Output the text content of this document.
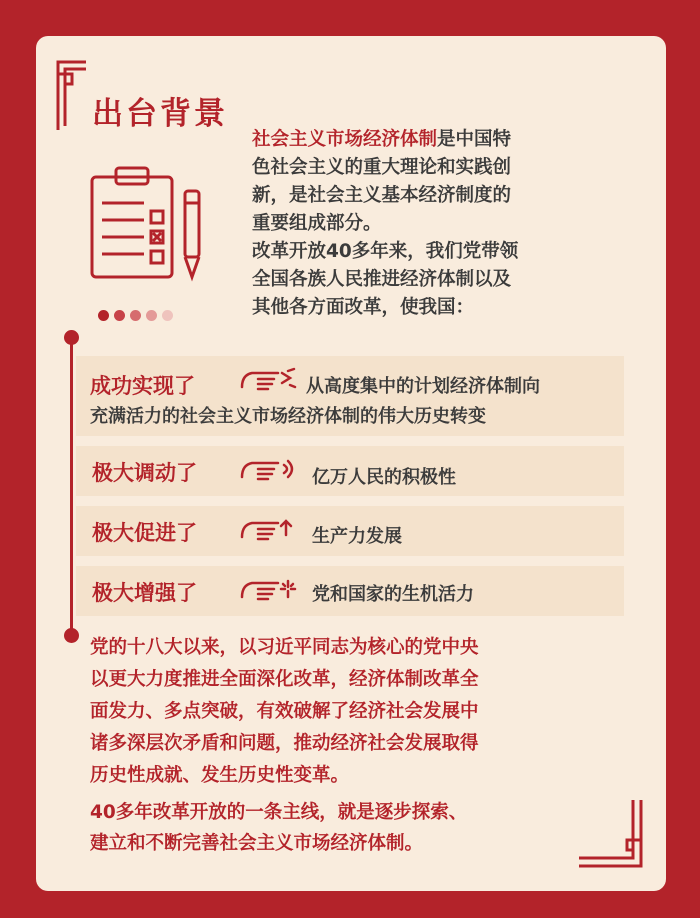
出台背景
社会主义市场经济体制是中国特
色社会主义的重大理论和实践创
新，是社会主义基本经济制度的
重要组成部分。
改革开放40多年来，我们党带领
全国各族人民推进经济体制以及
其他各方面改革，使我国：
成功实现了	从高度集中的计划经济体制向
充满活力的社会主义市场经济体制的伟大历史转变
极大调动了	亿万人民的积极性
极大促进了	生产力发展
极大增强了	党和国家的生机活力
党的十八大以来，以习近平同志为核心的党中央
以更大力度推进全面深化改革，经济体制改革全
面发力、多点突破，有效破解了经济社会发展中
诸多深层次矛盾和问题，推动经济社会发展取得
历史性成就、发生历史性变革。
40多年改革开放的一条主线，就是逐步探索、
建立和不断完善社会主义市场经济体制。
